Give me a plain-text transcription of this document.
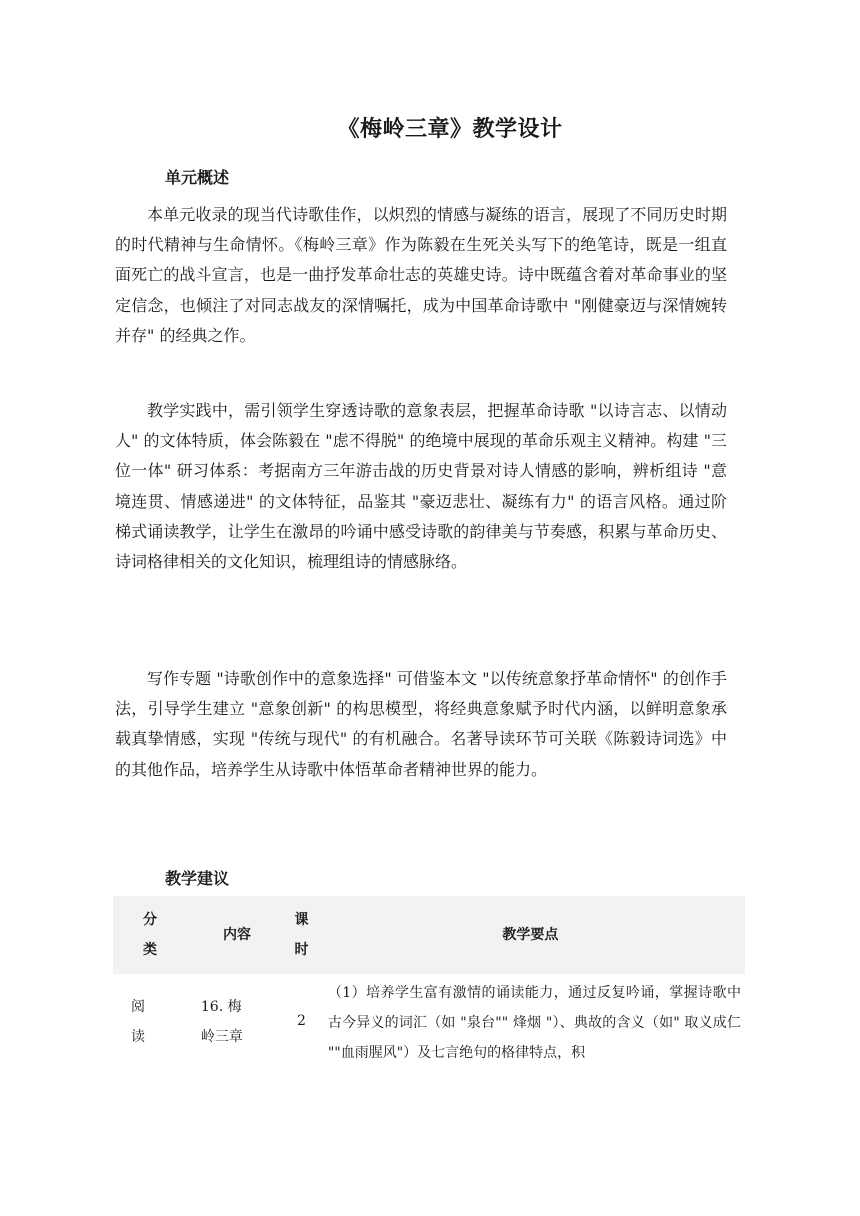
《梅岭三章》教学设计
单元概述

本单元收录的现当代诗歌佳作，以炽烈的情感与凝练的语言，展现了不同历史时期的时代精神与生命情怀。《梅岭三章》作为陈毅在生死关头写下的绝笔诗，既是一组直面死亡的战斗宣言，也是一曲抒发革命壮志的英雄史诗。诗中既蕴含着对革命事业的坚定信念，也倾注了对同志战友的深情嘱托，成为中国革命诗歌中 "刚健豪迈与深情婉转并存" 的经典之作。

教学实践中，需引领学生穿透诗歌的意象表层，把握革命诗歌 "以诗言志、以情动人" 的文体特质，体会陈毅在 "虑不得脱" 的绝境中展现的革命乐观主义精神。构建 "三位一体" 研习体系：考据南方三年游击战的历史背景对诗人情感的影响，辨析组诗 "意境连贯、情感递进" 的文体特征，品鉴其 "豪迈悲壮、凝练有力" 的语言风格。通过阶梯式诵读教学，让学生在激昂的吟诵中感受诗歌的韵律美与节奏感，积累与革命历史、诗词格律相关的文化知识，梳理组诗的情感脉络。

写作专题 "诗歌创作中的意象选择" 可借鉴本文 "以传统意象抒革命情怀" 的创作手法，引导学生建立 "意象创新" 的构思模型，将经典意象赋予时代内涵，以鲜明意象承载真挚情感，实现 "传统与现代" 的有机融合。名著导读环节可关联《陈毅诗词选》中的其他作品，培养学生从诗歌中体悟革命者精神世界的能力。

教学建议
分类	内容	课时	教学要点
阅读	16. 梅岭三章	2	（1）培养学生富有激情的诵读能力，通过反复吟诵，掌握诗歌中古今异义的词汇（如 "泉台"" 烽烟 "）、典故的含义（如" 取义成仁 ""血雨腥风"）及七言绝句的格律特点，积
